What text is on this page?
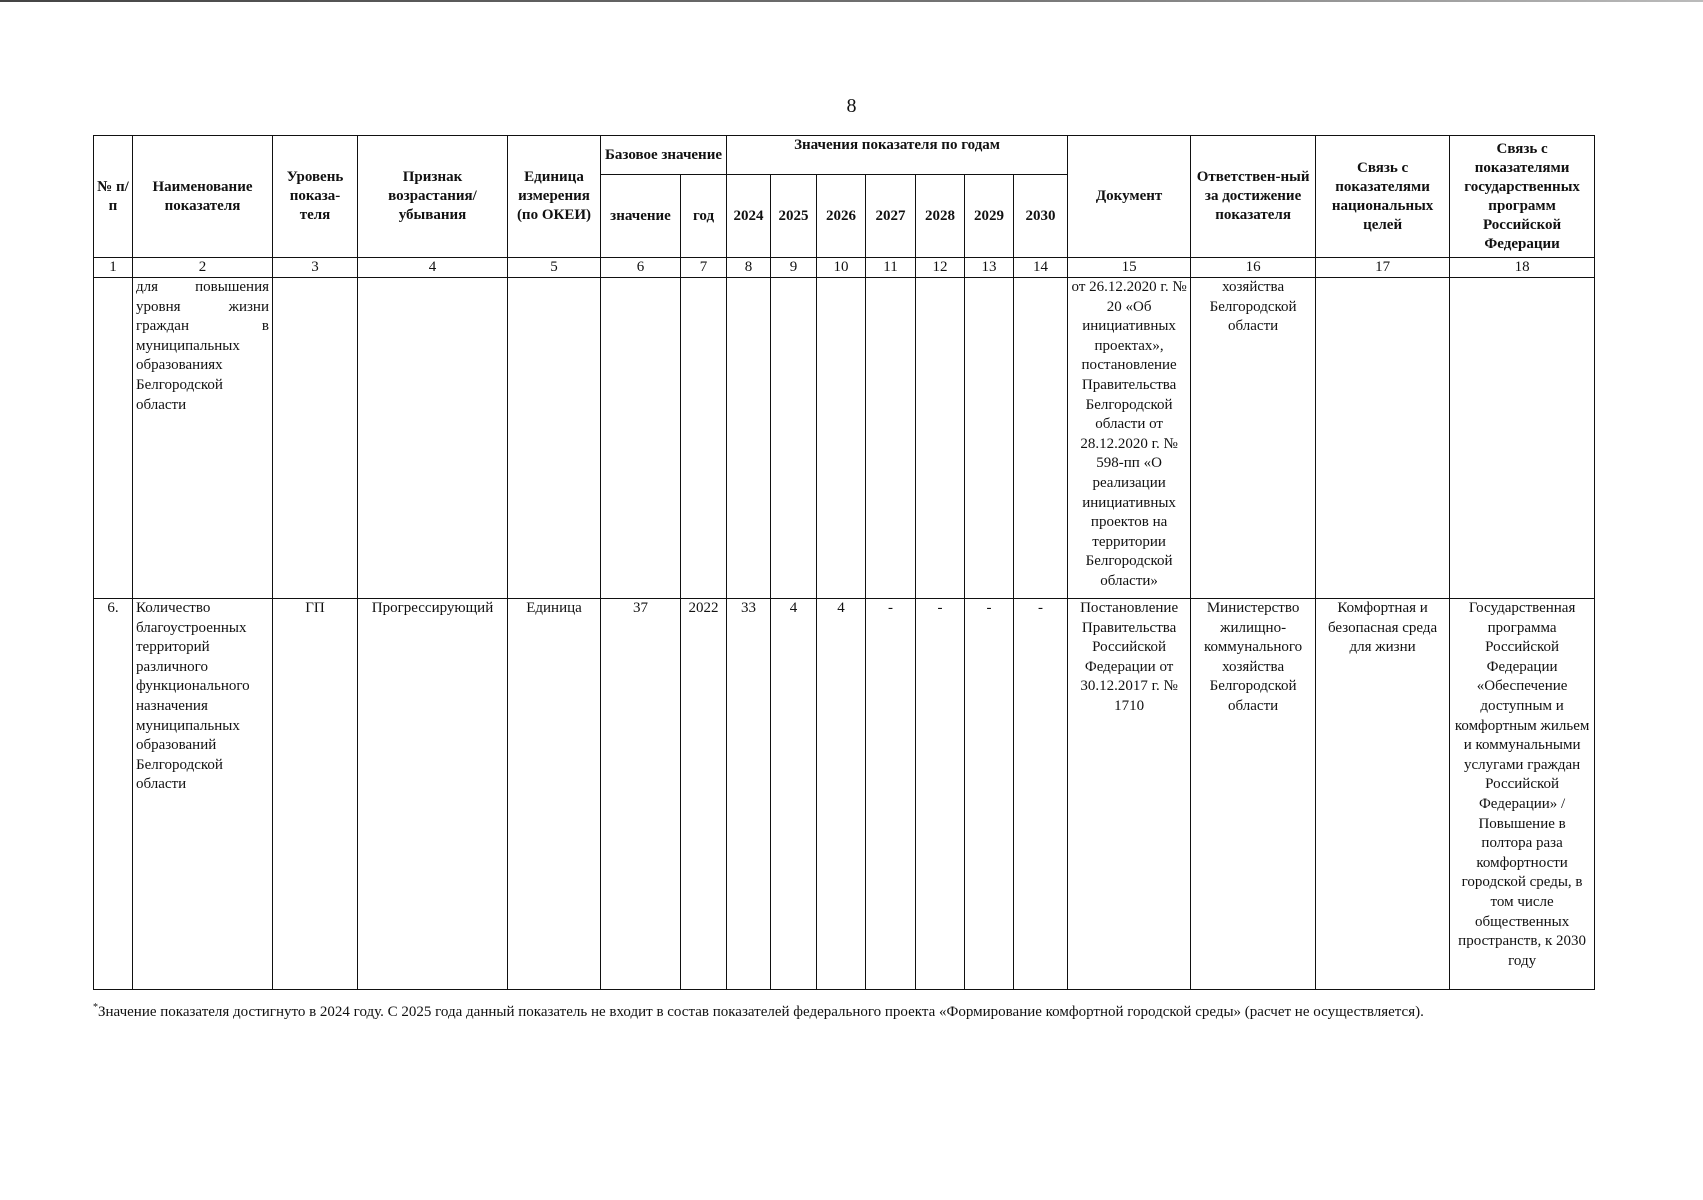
8
№ п/п	Наименование показателя	Уровень показа-теля	Признак возрастания/ убывания	Единица измерения (по ОКЕИ)	Базовое значение		Значения показателя по годам							Документ	Ответствен-ный за достижение показателя	Связь с показателями национальных целей	Связь с показателями государственных программ Российской Федерации
					значение	год	2024	2025	2026	2027	2028	2029	2030				
1	2	3	4	5	6	7	8	9	10	11	12	13	14	15	16	17	18
	для повышения уровня жизни граждан в муниципальных образованиях Белгородской области													от 26.12.2020 г. № 20 «Об инициативных проектах», постановление Правительства Белгородской области от 28.12.2020 г. № 598-пп «О реализации инициативных проектов на территории Белгородской области»	хозяйства Белгородской области		
6.	Количество благоустроенных территорий различного функционального назначения муниципальных образований Белгородской области	ГП	Прогрессирующий	Единица	37	2022	33	4	4	-	-	-	-	Постановление Правительства Российской Федерации от 30.12.2017 г. № 1710	Министерство жилищно-коммунального хозяйства Белгородской области	Комфортная и безопасная среда для жизни	Государственная программа Российской Федерации «Обеспечение доступным и комфортным жильем и коммунальными услугами граждан Российской Федерации» / Повышение в полтора раза комфортности городской среды, в том числе общественных пространств, к 2030 году
*Значение показателя достигнуто в 2024 году. С 2025 года данный показатель не входит в состав показателей федерального проекта «Формирование комфортной городской среды» (расчет не осуществляется).
